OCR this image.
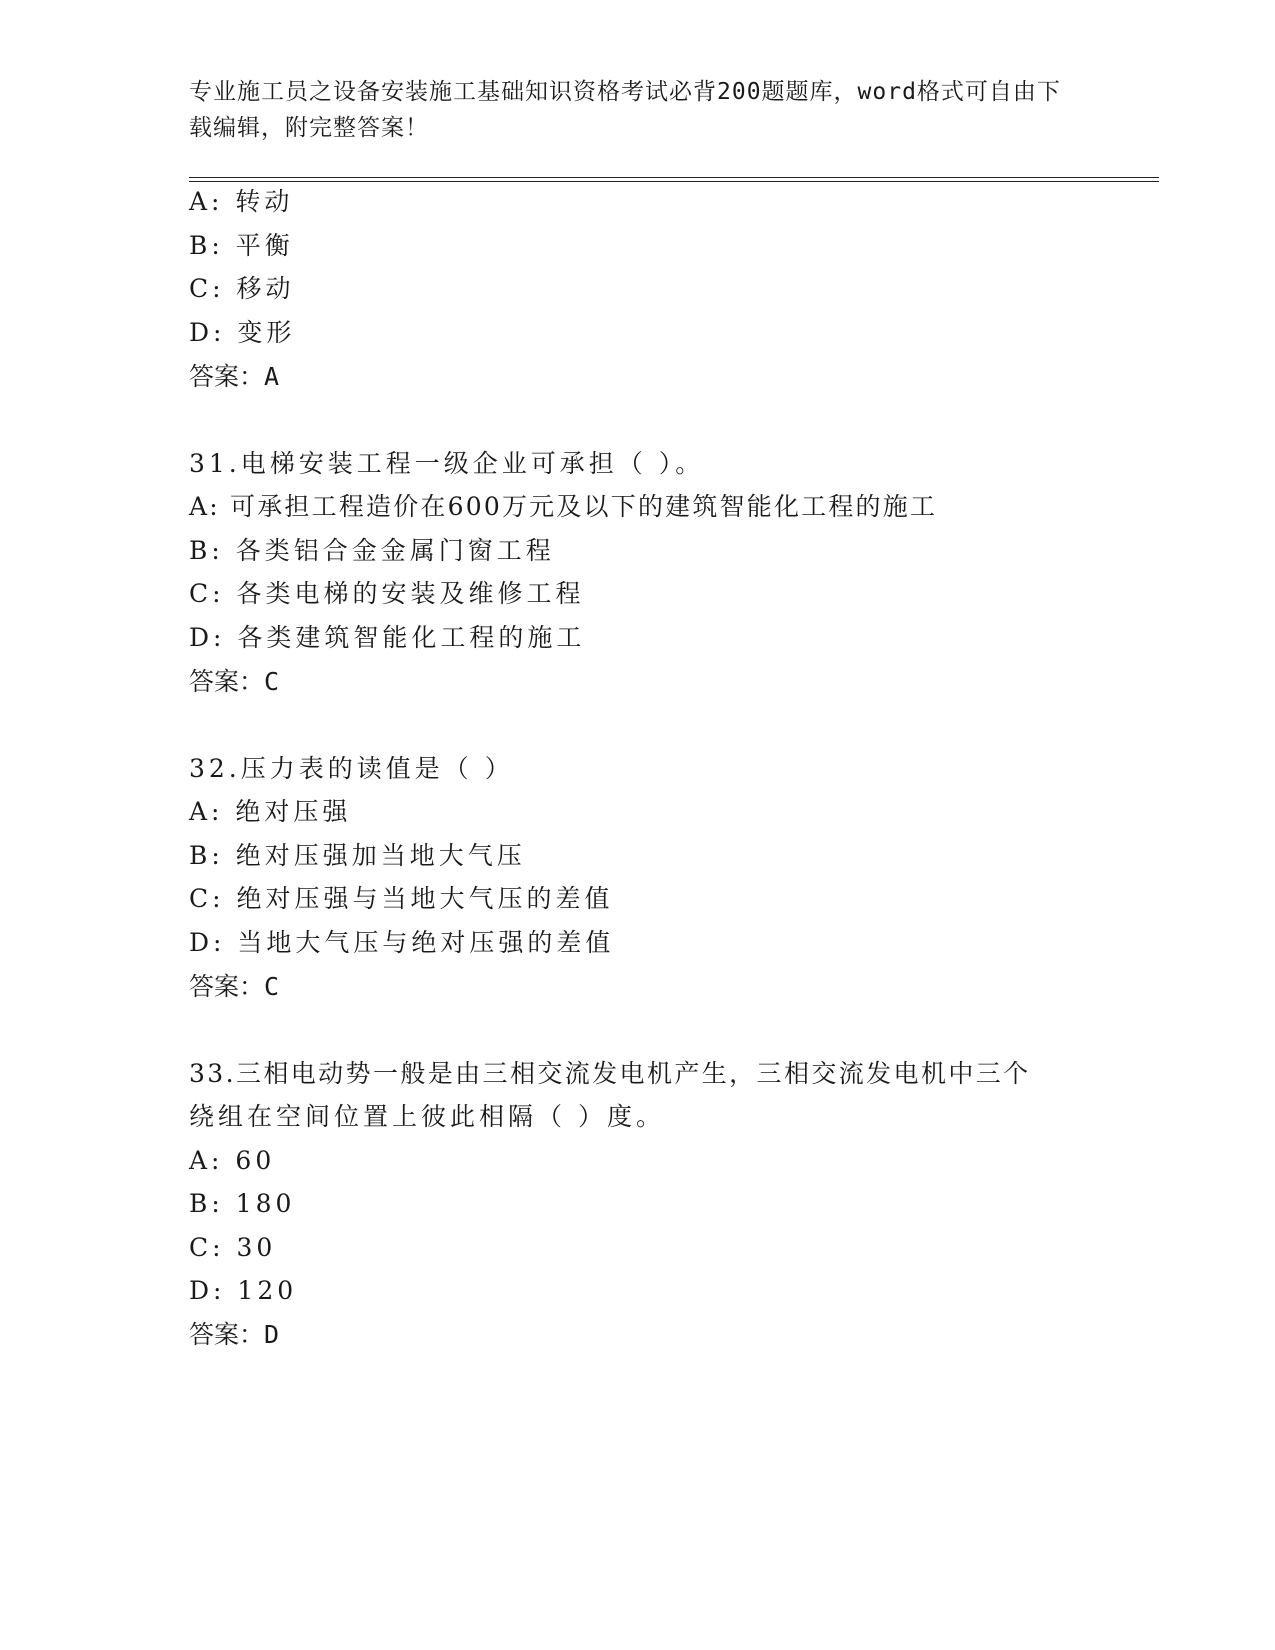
专业施工员之设备安装施工基础知识资格考试必背200题题库，word格式可自由下载编辑，附完整答案！
A: 转动
B: 平衡
C: 移动
D: 变形
答案：A
31.电梯安装工程一级企业可承担（ ）。
A: 可承担工程造价在600万元及以下的建筑智能化工程的施工
B: 各类铝合金金属门窗工程
C: 各类电梯的安装及维修工程
D: 各类建筑智能化工程的施工
答案：C
32.压力表的读值是（ ）
A: 绝对压强
B: 绝对压强加当地大气压
C: 绝对压强与当地大气压的差值
D: 当地大气压与绝对压强的差值
答案：C
33.三相电动势一般是由三相交流发电机产生，三相交流发电机中三个
绕组在空间位置上彼此相隔（ ）度。
A: 60
B: 180
C: 30
D: 120
答案：D
